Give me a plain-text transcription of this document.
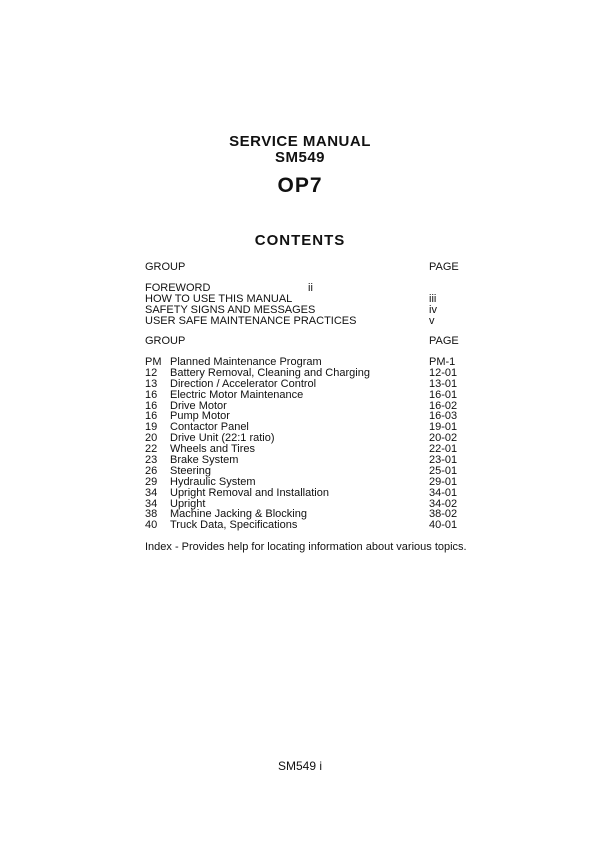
SERVICE MANUAL
SM549
OP7
CONTENTS
GROUP	PAGE
FOREWORD	ii
HOW TO USE THIS MANUAL	iii
SAFETY SIGNS AND MESSAGES	iv
USER SAFE MAINTENANCE PRACTICES	v
GROUP	PAGE
PM Planned Maintenance Program	PM-1
12	Battery Removal, Cleaning and Charging	12-01
13	Direction / Accelerator Control	13-01
16	Electric Motor Maintenance	16-01
16	Drive Motor	16-02
16	Pump Motor	16-03
19	Contactor Panel	19-01
20	Drive Unit (22:1 ratio)	20-02
22	Wheels and Tires	22-01
23	Brake System	23-01
26	Steering	25-01
29	Hydraulic System	29-01
34	Upright Removal and Installation	34-01
34	Upright	34-02
38	Machine Jacking & Blocking	38-02
40	Truck Data, Specifications	40-01
Index - Provides help for locating information about various topics.
SM549 i
